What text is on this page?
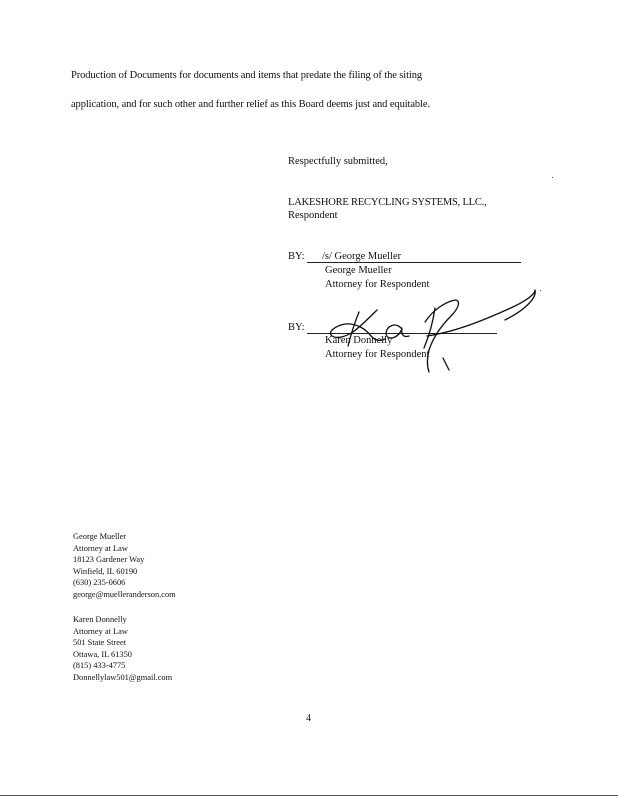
Production of Documents for documents and items that predate the filing of the siting
application, and for such other and further relief as this Board deems just and equitable.
Respectfully submitted,
LAKESHORE RECYCLING SYSTEMS, LLC.,
Respondent
BY: /s/ George Mueller
George Mueller
Attorney for Respondent
BY:
Karen Donnelly
Attorney for Respondent
George Mueller
Attorney at Law
18123 Gardener Way
Winfield, IL 60190
(630) 235-0606
george@muelleranderson.com
Karen Donnelly
Attorney at Law
501 State Street
Ottawa, IL 61350
(815) 433-4775
Donnellylaw501@gmail.com
4
